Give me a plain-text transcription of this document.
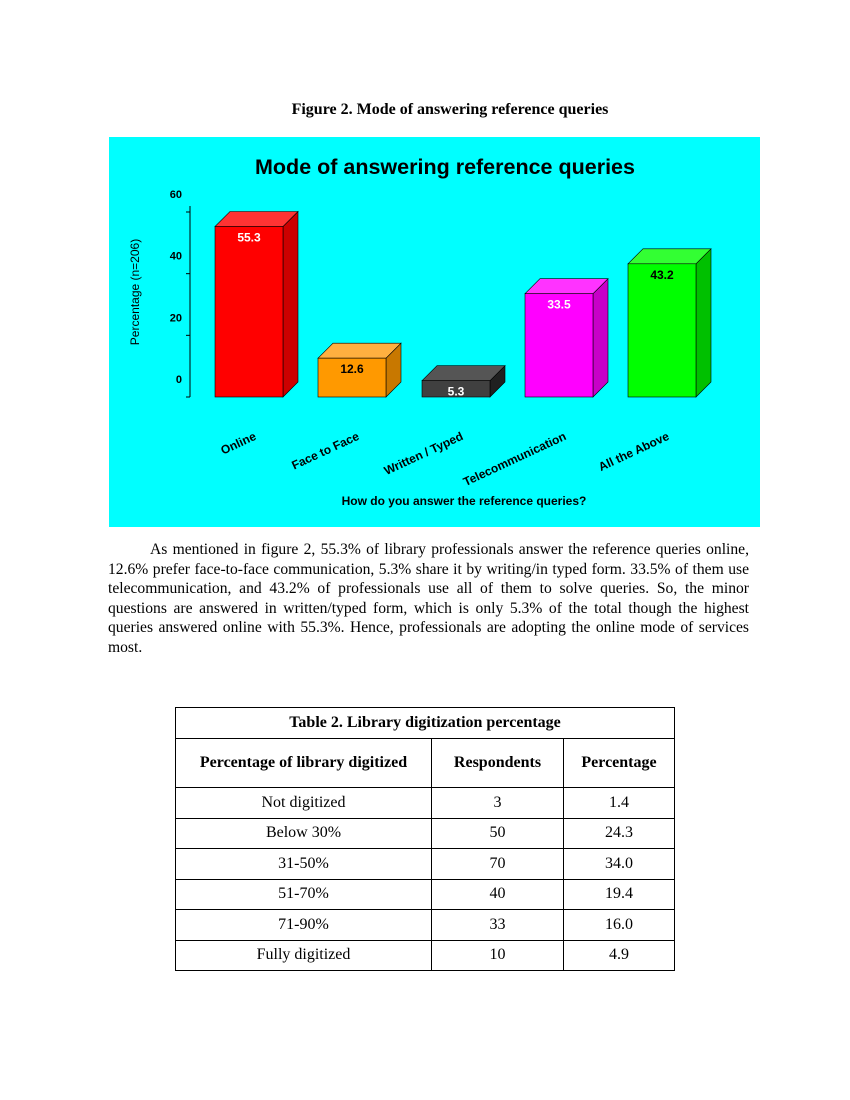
Figure 2. Mode of answering reference queries
Mode of answering reference queries
Percentage (n=206)
How do you answer the reference queries?
0
20
40
60
55.3
Online
12.6
Face to Face
5.3
Written / Typed
33.5
Telecommunication
43.2
All the Above

As mentioned in figure 2, 55.3% of library professionals answer the reference queries online, 12.6% prefer face-to-face communication, 5.3% share it by writing/in typed form. 33.5% of them use telecommunication, and 43.2% of professionals use all of them to solve queries. So, the minor questions are answered in written/typed form, which is only 5.3% of the total though the highest queries answered online with 55.3%. Hence, professionals are adopting the online mode of services most.

Table 2. Library digitization percentage		
Percentage of library digitized	Respondents	Percentage
Not digitized	3	1.4
Below 30%	50	24.3
31-50%	70	34.0
51-70%	40	19.4
71-90%	33	16.0
Fully digitized	10	4.9
